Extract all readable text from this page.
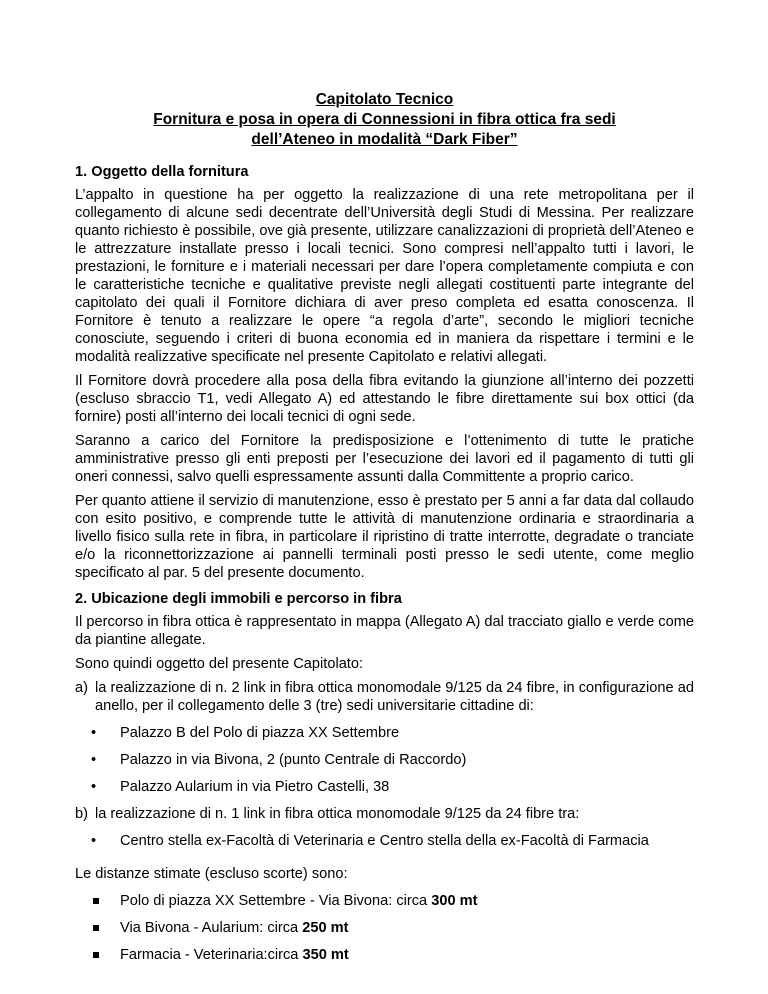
Capitolato Tecnico
Fornitura e posa in opera di Connessioni in fibra ottica fra sedi
dell’Ateneo in modalità “Dark Fiber”
1. Oggetto della fornitura

L’appalto in questione ha per oggetto la realizzazione di una rete metropolitana per il collegamento di alcune sedi decentrate dell’Università degli Studi di Messina. Per realizzare quanto richiesto è possibile, ove già presente, utilizzare canalizzazioni di proprietà dell’Ateneo e le attrezzature installate presso i locali tecnici. Sono compresi nell’appalto tutti i lavori, le prestazioni, le forniture e i materiali necessari per dare l’opera completamente compiuta e con le caratteristiche tecniche e qualitative previste negli allegati costituenti parte integrante del capitolato dei quali il Fornitore dichiara di aver preso completa ed esatta conoscenza. Il Fornitore è tenuto a realizzare le opere “a regola d’arte”, secondo le migliori tecniche conosciute, seguendo i criteri di buona economia ed in maniera da rispettare i termini e le modalità realizzative specificate nel presente Capitolato e relativi allegati.

Il Fornitore dovrà procedere alla posa della fibra evitando la giunzione all’interno dei pozzetti (escluso sbraccio T1, vedi Allegato A) ed attestando le fibre direttamente sui box ottici (da fornire) posti all’interno dei locali tecnici di ogni sede.

Saranno a carico del Fornitore la predisposizione e l’ottenimento di tutte le pratiche amministrative presso gli enti preposti per l’esecuzione dei lavori ed il pagamento di tutti gli oneri connessi, salvo quelli espressamente assunti dalla Committente a proprio carico.

Per quanto attiene il servizio di manutenzione, esso è prestato per 5 anni a far data dal collaudo con esito positivo, e comprende tutte le attività di manutenzione ordinaria e straordinaria a livello fisico sulla rete in fibra, in particolare il ripristino di tratte interrotte, degradate o tranciate e/o la riconnettorizzazione ai pannelli terminali posti presso le sedi utente, come meglio specificato al par. 5 del presente documento.

2. Ubicazione degli immobili e percorso in fibra

Il percorso in fibra ottica è rappresentato in mappa (Allegato A) dal tracciato giallo e verde come da piantine allegate.

Sono quindi oggetto del presente Capitolato:

a) la realizzazione di n. 2 link in fibra ottica monomodale 9/125 da 24 fibre, in configurazione ad anello, per il collegamento delle 3 (tre) sedi universitarie cittadine di:
• Palazzo B del Polo di piazza XX Settembre
• Palazzo in via Bivona, 2 (punto Centrale di Raccordo)
• Palazzo Aularium in via Pietro Castelli, 38
b) la realizzazione di n. 1 link in fibra ottica monomodale 9/125 da 24 fibre tra:
• Centro stella ex-Facoltà di Veterinaria e Centro stella della ex-Facoltà di Farmacia

Le distanze stimate (escluso scorte) sono:

Polo di piazza XX Settembre - Via Bivona: circa 300 mt
Via Bivona - Aularium: circa 250 mt
Farmacia - Veterinaria:circa 350 mt
